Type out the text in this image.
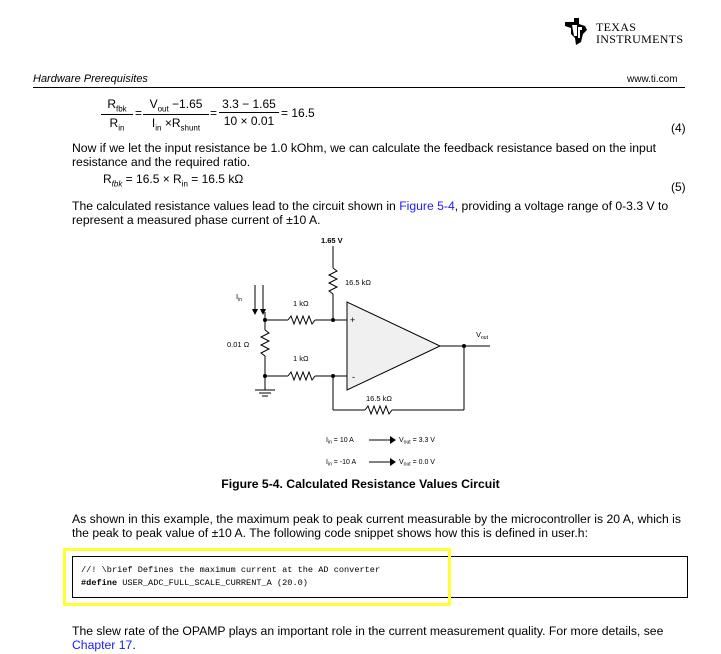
TEXAS
INSTRUMENTS
Hardware Prerequisites	www.ti.com
$R_{fbk}$
$R_{in}$
=
$V_{out} -1.65$
$I_{in} \times R_{shunt}$
= $\frac{3.3 - 1.65}{10 \times 0.01} = 16.5$
(4)
Now if we let the input resistance be 1.0 kOhm, we can calculate the feedback resistance based on the input resistance and the required ratio.
$R_{fbk} = 16.5 \times R_{in} = 16.5$ kΩ
(5)
The calculated resistance values lead to the circuit shown in Figure 5-4, providing a voltage range of 0-3.3 V to represent a measured phase current of ±10 A.
1.65 V
16.5 kΩ
1 kΩ
1 kΩ
0.01 Ω
16.5 kΩ
$I_{in}$
+
-
$V_{out}$
$I_{in} = 10$ A	$V_{out} = 3.3$ V
$I_{in} = -10$ A	$V_{out} = 0.0$ V
Figure 5-4. Calculated Resistance Values Circuit
As shown in this example, the maximum peak to peak current measurable by the microcontroller is 20 A, which is the peak to peak value of ±10 A. The following code snippet shows how this is defined in user.h:
//! \brief Defines the maximum current at the AD converter
#define USER_ADC_FULL_SCALE_CURRENT_A (20.0)
The slew rate of the OPAMP plays an important role in the current measurement quality. For more details, see Chapter 17.
